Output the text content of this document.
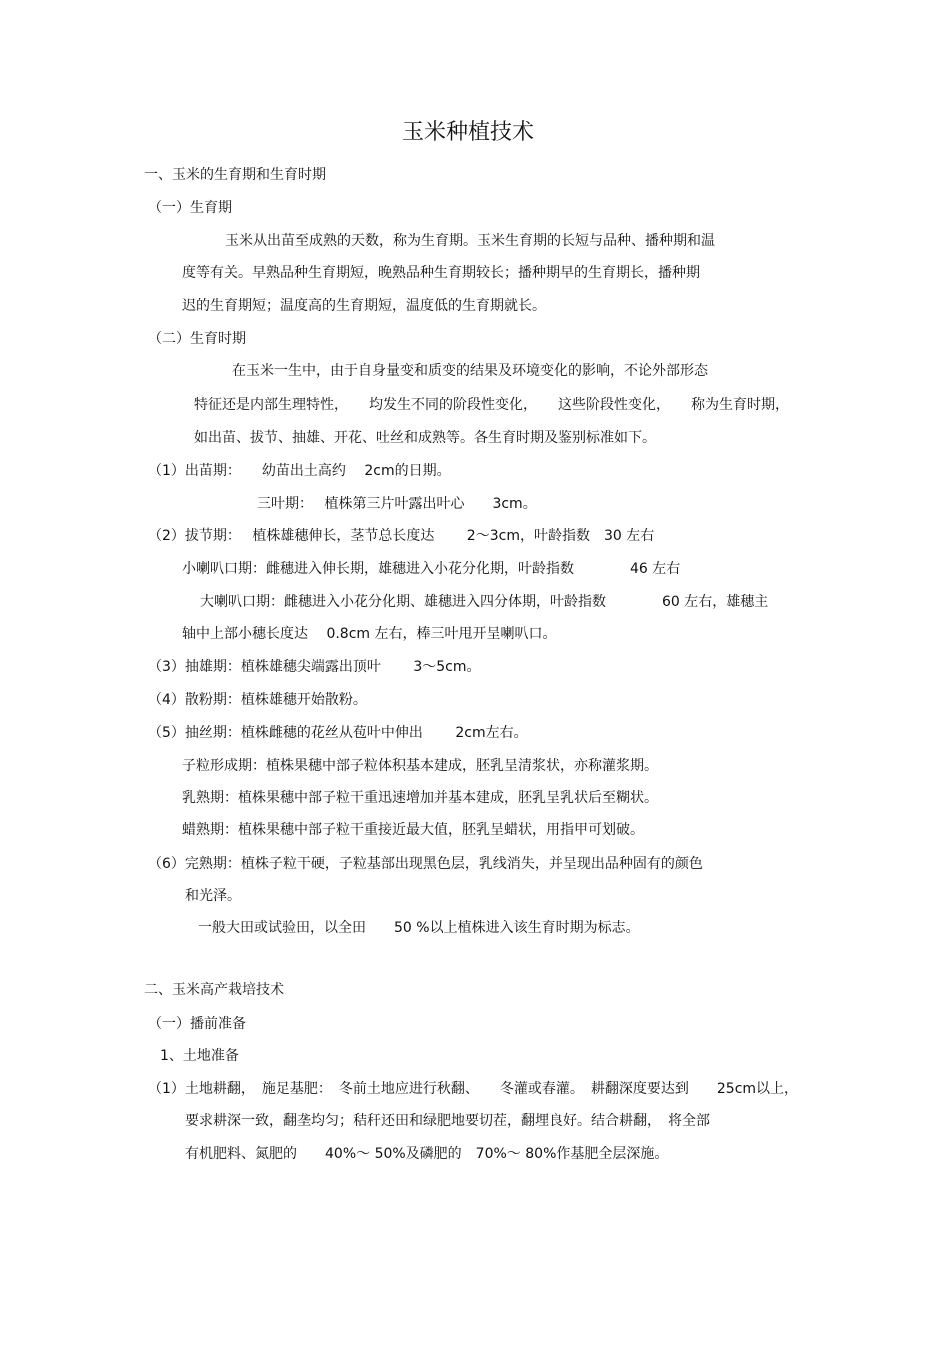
玉米种植技术
一、玉米的生育期和生育时期
（一）生育期
玉米从出苗至成熟的天数，称为生育期。玉米生育期的长短与品种、播种期和温
度等有关。早熟品种生育期短，晚熟品种生育期较长；播种期早的生育期长，播种期
迟的生育期短；温度高的生育期短，温度低的生育期就长。
（二）生育时期
在玉米一生中，由于自身量变和质变的结果及环境变化的影响，不论外部形态
特征还是内部生理特性，　　均发生不同的阶段性变化，　　这些阶段性变化，　　称为生育时期，
如出苗、拔节、抽雄、开花、吐丝和成熟等。各生育时期及鉴别标准如下。
（1）出苗期：　　幼苗出土高约　 2cm的日期。
三叶期：　 植株第三片叶露出叶心　　3cm。
（2）拔节期：　 植株雄穗伸长，茎节总长度达　　 2～3cm，叶龄指数　30 左右
小喇叭口期：雌穗进入伸长期，雄穗进入小花分化期，叶龄指数　　　　46 左右
大喇叭口期：雌穗进入小花分化期、雄穗进入四分体期，叶龄指数　　　　60 左右，雄穗主
轴中上部小穗长度达　 0.8cm 左右，棒三叶甩开呈喇叭口。
（3）抽雄期：植株雄穗尖端露出顶叶　　 3～5cm。
（4）散粉期：植株雄穗开始散粉。
（5）抽丝期：植株雌穗的花丝从苞叶中伸出　　 2cm左右。
子粒形成期：植株果穗中部子粒体积基本建成，胚乳呈清浆状，亦称灌浆期。
乳熟期：植株果穗中部子粒干重迅速增加并基本建成，胚乳呈乳状后至糊状。
蜡熟期：植株果穗中部子粒干重接近最大值，胚乳呈蜡状，用指甲可划破。
（6）完熟期：植株子粒干硬，子粒基部出现黑色层，乳线消失，并呈现出品种固有的颜色
和光泽。
一般大田或试验田，以全田　　50 %以上植株进入该生育时期为标志。
二、玉米高产栽培技术
（一）播前准备
1、土地准备
（1）土地耕翻，　施足基肥：　冬前土地应进行秋翻、　　冬灌或春灌。　耕翻深度要达到　　25cm以上，
要求耕深一致，翻垄均匀；秸秆还田和绿肥地要切茬，翻埋良好。结合耕翻，　将全部
有机肥料、氮肥的　　40%～ 50%及磷肥的　70%～ 80%作基肥全层深施。
